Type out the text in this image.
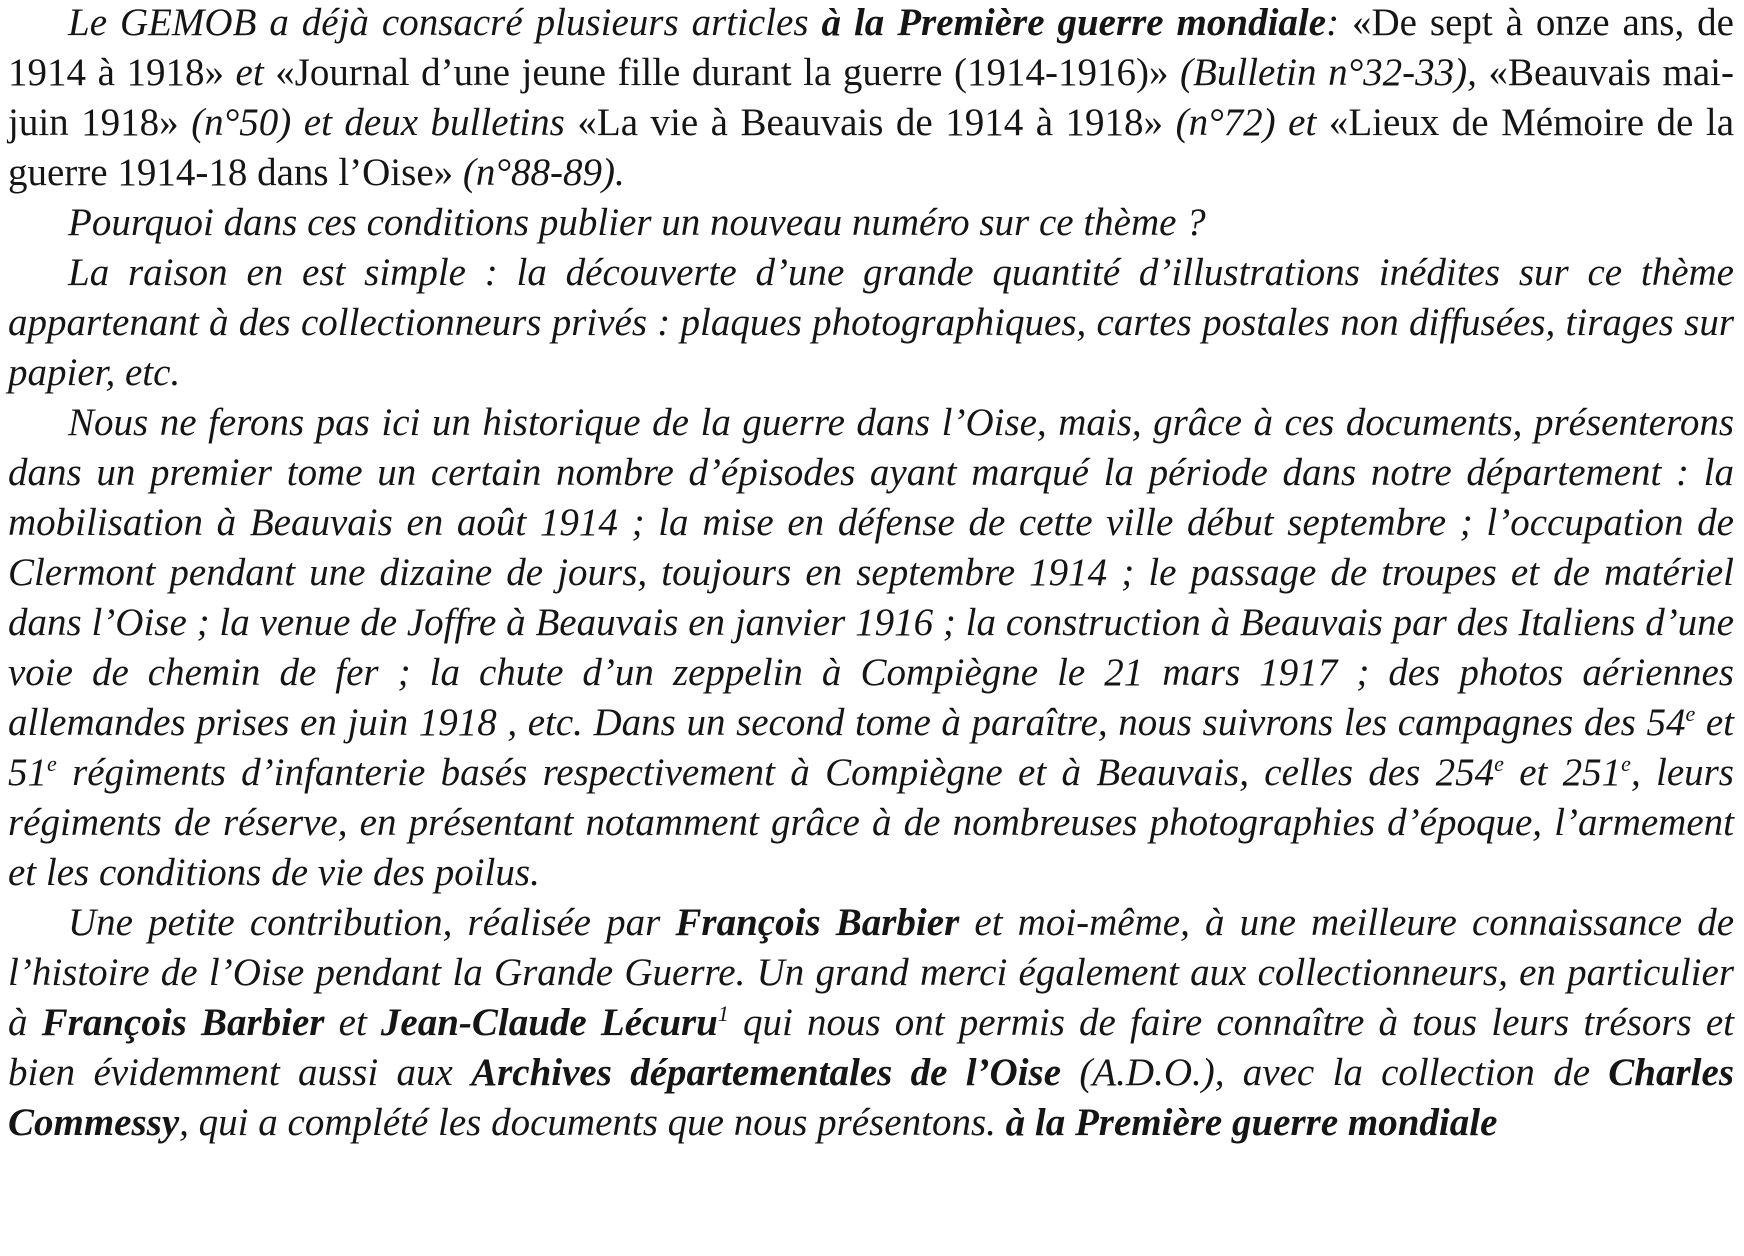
Le GEMOB a déjà consacré plusieurs articles à la Première guerre mondiale: «De sept à onze ans, de 1914 à 1918» et «Journal d’une jeune fille durant la guerre (1914-1916)» (Bulletin n°32-33), «Beauvais mai-juin 1918» (n°50) et deux bulletins «La vie à Beauvais de 1914 à 1918» (n°72) et «Lieux de Mémoire de la guerre 1914-18 dans l’Oise» (n°88-89).

Pourquoi dans ces conditions publier un nouveau numéro sur ce thème ?

La raison en est simple : la découverte d’une grande quantité d’illustrations inédites sur ce thème appartenant à des collectionneurs privés : plaques photographiques, cartes postales non diffusées, tirages sur papier, etc.

Nous ne ferons pas ici un historique de la guerre dans l’Oise, mais, grâce à ces documents, présenterons dans un premier tome un certain nombre d’épisodes ayant marqué la période dans notre département : la mobilisation à Beauvais en août 1914 ; la mise en défense de cette ville début septembre ; l’occupation de Clermont pendant une dizaine de jours, toujours en septembre 1914 ; le passage de troupes et de matériel dans l’Oise ; la venue de Joffre à Beauvais en janvier 1916 ; la construction à Beauvais par des Italiens d’une voie de chemin de fer ; la chute d’un zeppelin à Compiègne le 21 mars 1917 ; des photos aériennes allemandes prises en juin 1918 , etc. Dans un second tome à paraître, nous suivrons les campagnes des 54e et 51e régiments d’infanterie basés respectivement à Compiègne et à Beauvais, celles des 254e et 251e, leurs régiments de réserve, en présentant notamment grâce à de nombreuses photographies d’époque, l’armement et les conditions de vie des poilus.

Une petite contribution, réalisée par François Barbier et moi-même, à une meilleure connaissance de l’histoire de l’Oise pendant la Grande Guerre. Un grand merci également aux collectionneurs, en particulier à François Barbier et Jean-Claude Lécuru$^1$ qui nous ont permis de faire connaître à tous leurs trésors et bien évidemment aussi aux Archives départementales de l’Oise (A.D.O.), avec la collection de Charles Commessy, qui a complété les documents que nous présentons. à la Première guerre mondiale
